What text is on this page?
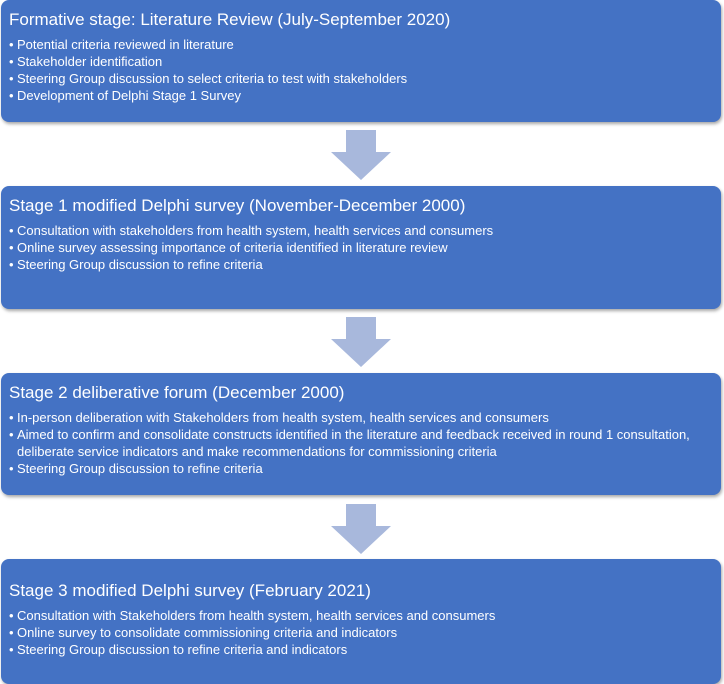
Formative stage: Literature Review (July-September 2020)
• Potential criteria reviewed in literature
• Stakeholder identification
• Steering Group discussion to select criteria to test with stakeholders
• Development of Delphi Stage 1 Survey
Stage 1 modified Delphi survey (November-December 2000)
• Consultation with stakeholders from health system, health services and consumers
• Online survey assessing importance of criteria identified in literature review
• Steering Group discussion to refine criteria
Stage 2 deliberative forum (December 2000)
• In-person deliberation with Stakeholders from health system, health services and consumers
• Aimed to confirm and consolidate constructs identified in the literature and feedback received in round 1 consultation, deliberate service indicators and make recommendations for commissioning criteria
• Steering Group discussion to refine criteria
Stage 3 modified Delphi survey (February 2021)
• Consultation with Stakeholders from health system, health services and consumers
• Online survey to consolidate commissioning criteria and indicators
• Steering Group discussion to refine criteria and indicators
